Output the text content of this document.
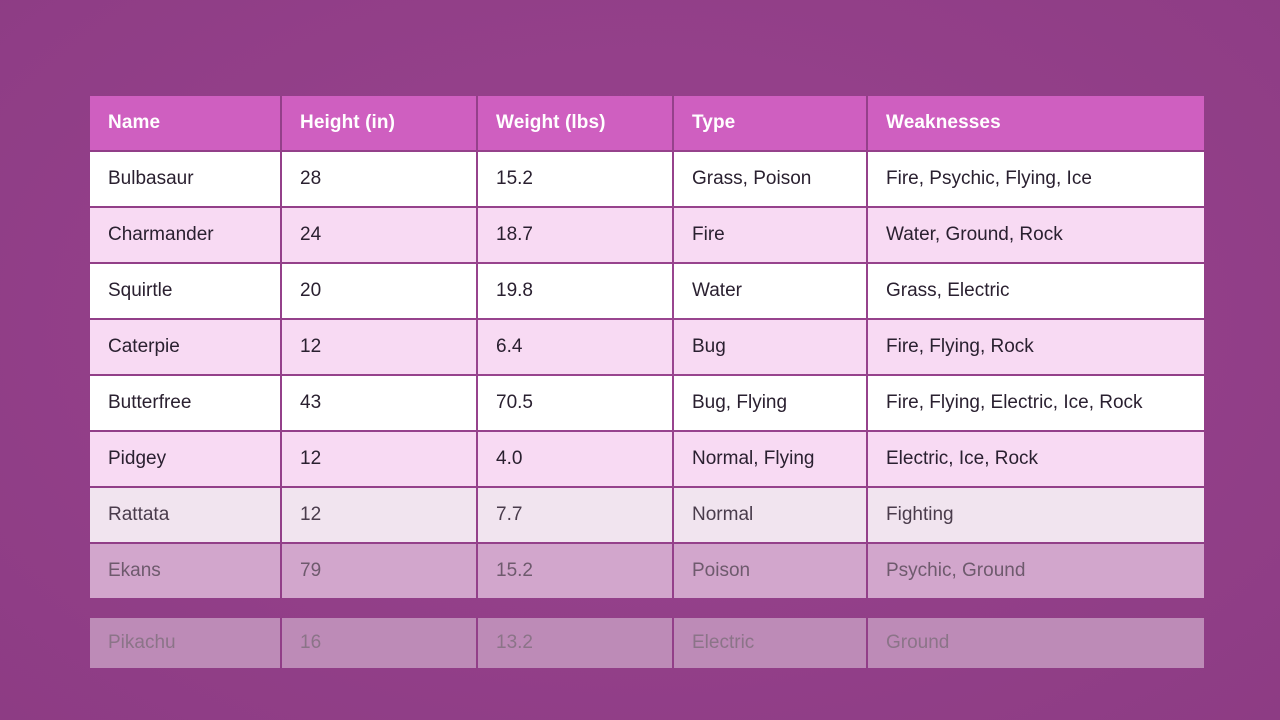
Name	Height (in)	Weight (lbs)	Type	Weaknesses
Bulbasaur	28	15.2	Grass, Poison	Fire, Psychic, Flying, Ice
Charmander	24	18.7	Fire	Water, Ground, Rock
Squirtle	20	19.8	Water	Grass, Electric
Caterpie	12	6.4	Bug	Fire, Flying, Rock
Butterfree	43	70.5	Bug, Flying	Fire, Flying, Electric, Ice, Rock
Pidgey	12	4.0	Normal, Flying	Electric, Ice, Rock
Rattata	12	7.7	Normal	Fighting
Ekans	79	15.2	Poison	Psychic, Ground
Pikachu	16	13.2	Electric	Ground
